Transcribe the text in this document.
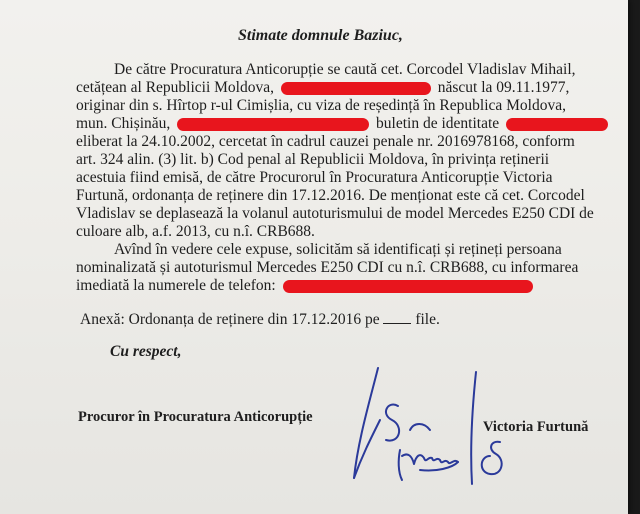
Stimate domnule Baziuc,
De către Procuratura Anticorupție se caută cet. Corcodel Vladislav Mihail,
cetățean al Republicii Moldova,	născut la 09.11.1977,
originar din s. Hîrtop r-ul Cimișlia, cu viza de reședință în Republica Moldova,
mun. Chișinău,	buletin de identitate
eliberat la 24.10.2002, cercetat în cadrul cauzei penale nr. 2016978168, conform
art. 324 alin. (3) lit. b) Cod penal al Republicii Moldova, în privința reținerii
acestuia fiind emisă, de către Procurorul în Procuratura Anticorupție Victoria
Furtună, ordonanța de reținere din 17.12.2016. De menționat este că cet. Corcodel
Vladislav se deplasează la volanul autoturismului de model Mercedes E250 CDI de
culoare alb, a.f. 2013, cu n.î. CRB688.
Avînd în vedere cele expuse, solicităm să identificați și rețineți persoana
nominalizată și autoturismul Mercedes E250 CDI cu n.î. CRB688, cu informarea
imediată la numerele de telefon:
Anexă: Ordonanța de reținere din 17.12.2016 pe file.
Cu respect,
Procuror în Procuratura Anticorupție
Victoria Furtună
